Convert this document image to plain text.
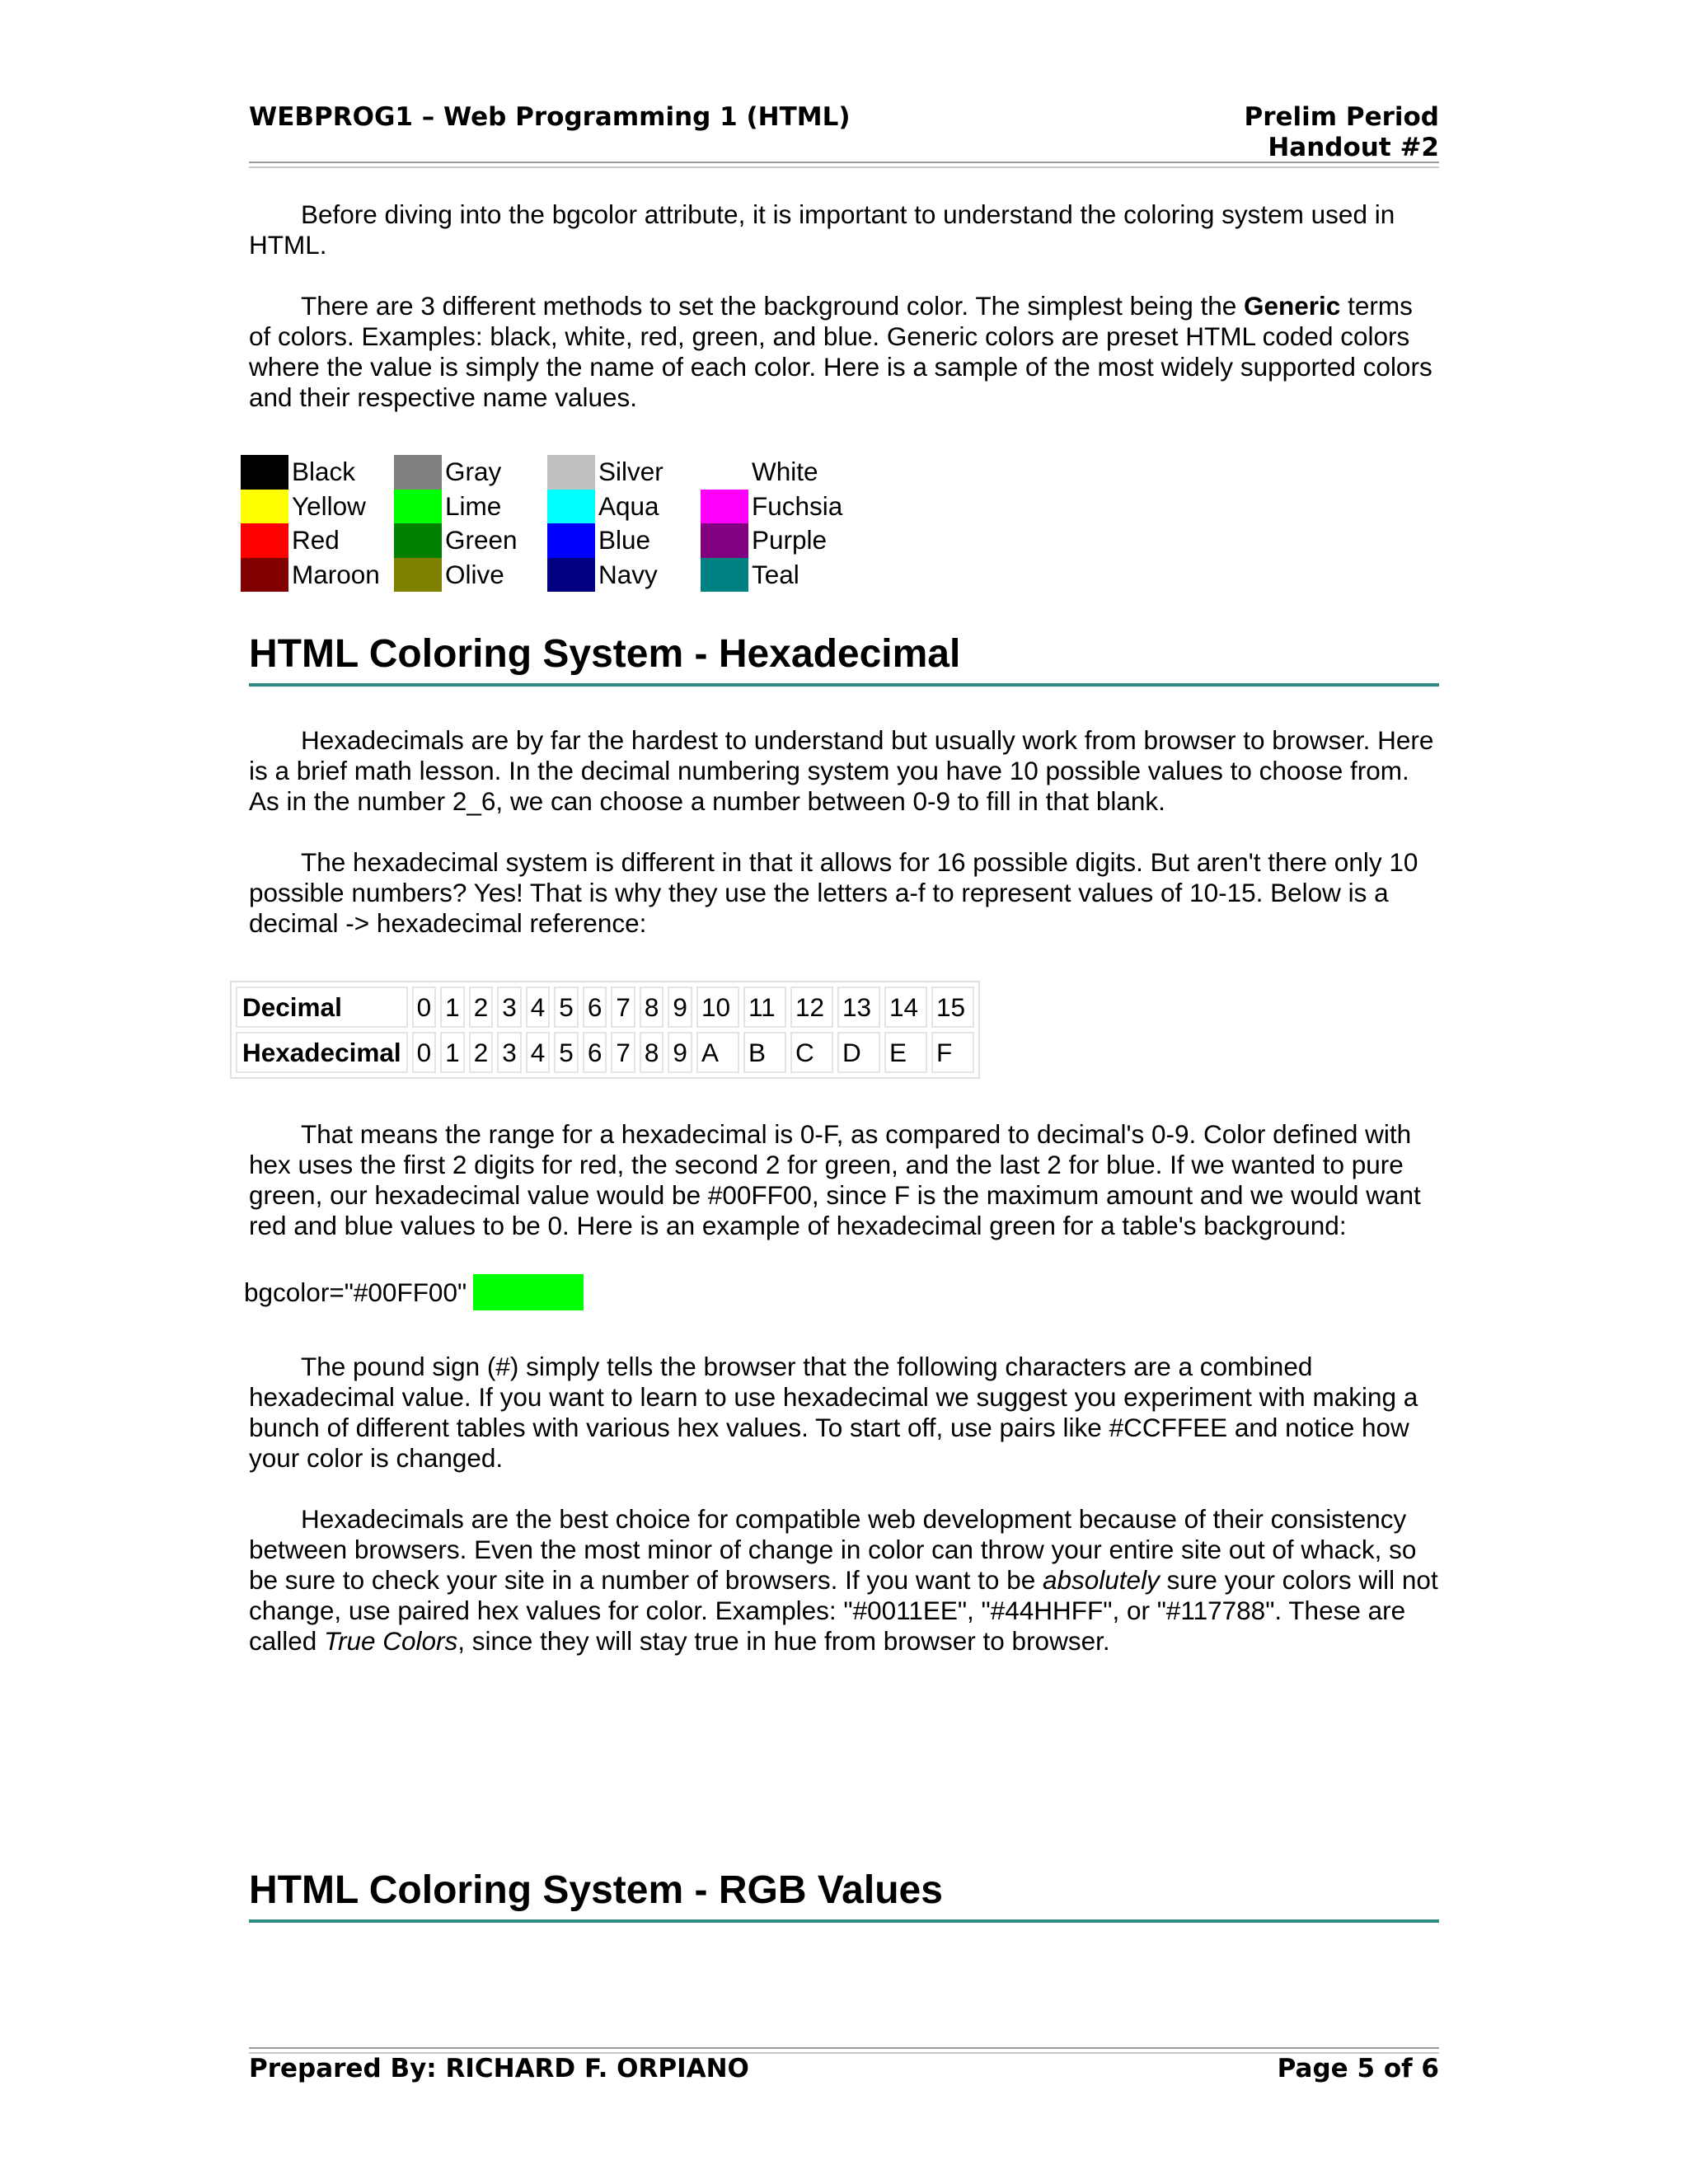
WEBPROG1 – Web Programming 1 (HTML)	Prelim Period
Handout #2

Before diving into the bgcolor attribute, it is important to understand the coloring system used in HTML.

There are 3 different methods to set the background color. The simplest being the Generic terms of colors. Examples: black, white, red, green, and blue. Generic colors are preset HTML coded colors where the value is simply the name of each color. Here is a sample of the most widely supported colors and their respective name values.

Black	Gray	Silver	White
Yellow	Lime	Aqua	Fuchsia
Red	Green	Blue	Purple
Maroon	Olive	Navy	Teal
HTML Coloring System - Hexadecimal

Hexadecimals are by far the hardest to understand but usually work from browser to browser. Here is a brief math lesson. In the decimal numbering system you have 10 possible values to choose from. As in the number 2_6, we can choose a number between 0-9 to fill in that blank.

The hexadecimal system is different in that it allows for 16 possible digits. But aren't there only 10 possible numbers? Yes! That is why they use the letters a-f to represent values of 10-15. Below is a decimal -> hexadecimal reference:

Decimal	0	1	2	3	4	5	6	7	8	9	10	11	12	13	14	15
Hexadecimal	0	1	2	3	4	5	6	7	8	9	A	B	C	D	E	F

That means the range for a hexadecimal is 0-F, as compared to decimal's 0-9. Color defined with hex uses the first 2 digits for red, the second 2 for green, and the last 2 for blue. If we wanted to pure green, our hexadecimal value would be #00FF00, since F is the maximum amount and we would want red and blue values to be 0. Here is an example of hexadecimal green for a table's background:

bgcolor="#00FF00"

The pound sign (#) simply tells the browser that the following characters are a combined hexadecimal value. If you want to learn to use hexadecimal we suggest you experiment with making a bunch of different tables with various hex values. To start off, use pairs like #CCFFEE and notice how your color is changed.

Hexadecimals are the best choice for compatible web development because of their consistency between browsers. Even the most minor of change in color can throw your entire site out of whack, so be sure to check your site in a number of browsers. If you want to be absolutely sure your colors will not change, use paired hex values for color. Examples: "#0011EE", "#44HHFF", or "#117788". These are called True Colors, since they will stay true in hue from browser to browser.

HTML Coloring System - RGB Values
Prepared By: RICHARD F. ORPIANO	Page 5 of 6
